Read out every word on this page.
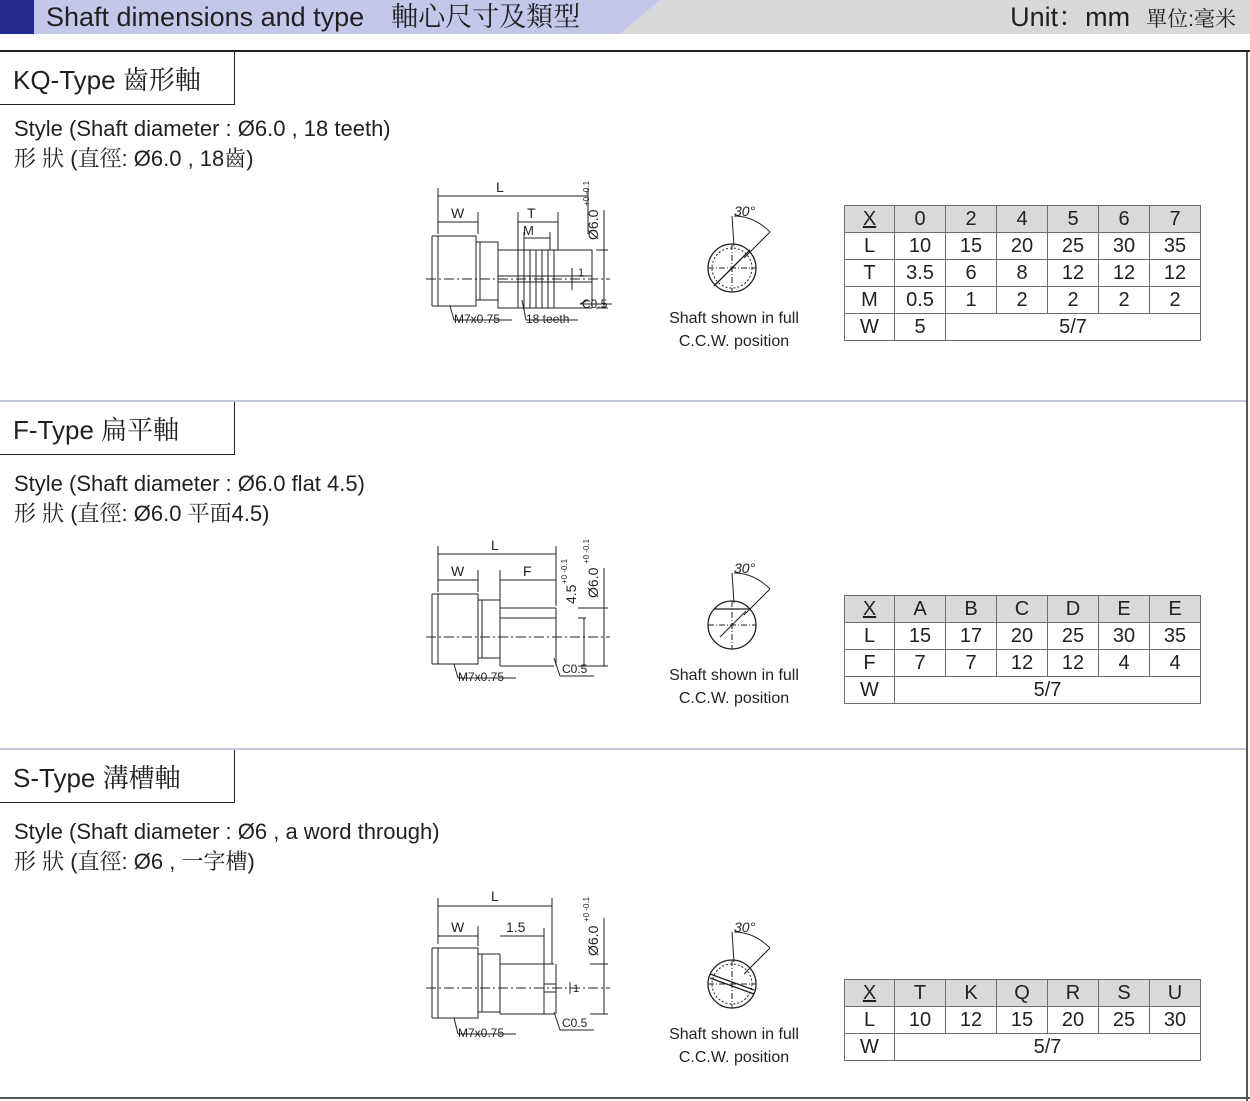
Shaft dimensions and type　軸心尺寸及類型	Unit：mm 單位:毫米
KQ-Type 齒形軸
Style (Shaft diameter : Ø6.0 , 18 teeth)
形 狀 (直徑: Ø6.0 , 18齒)
L
W	T
M
1
C0.5
M7x0.75 18 teeth
Ø6.0
+0 -0.1
30°
Shaft shown in full
C.C.W. position
X	0	2	4	5	6	7
L	10	15	20	25	30	35
T	3.5	6	8	12	12	12
M	0.5	1	2	2	2	2
W	5	5/7				
F-Type 扁平軸
Style (Shaft diameter : Ø6.0 flat 4.5)
形 狀 (直徑: Ø6.0 平面4.5)
L
W	F
C0.5
M7x0.75
4.5
+0 -0.1 Ø6.0
+0 -0.1
30°
Shaft shown in full
C.C.W. position
X	A	B	C	D	E	E
L	15	17	20	25	30	35
F	7	7	12	12	4	4
W	5/7					
S-Type 溝槽軸
Style (Shaft diameter : Ø6 , a word through)
形 狀 (直徑: Ø6 , 一字槽)
L
W	1.5
1
C0.5
M7x0.75
Ø6.0
+0 -0.1
30°
Shaft shown in full
C.C.W. position
X	T	K	Q	R	S	U
L	10	12	15	20	25	30
W	5/7					
